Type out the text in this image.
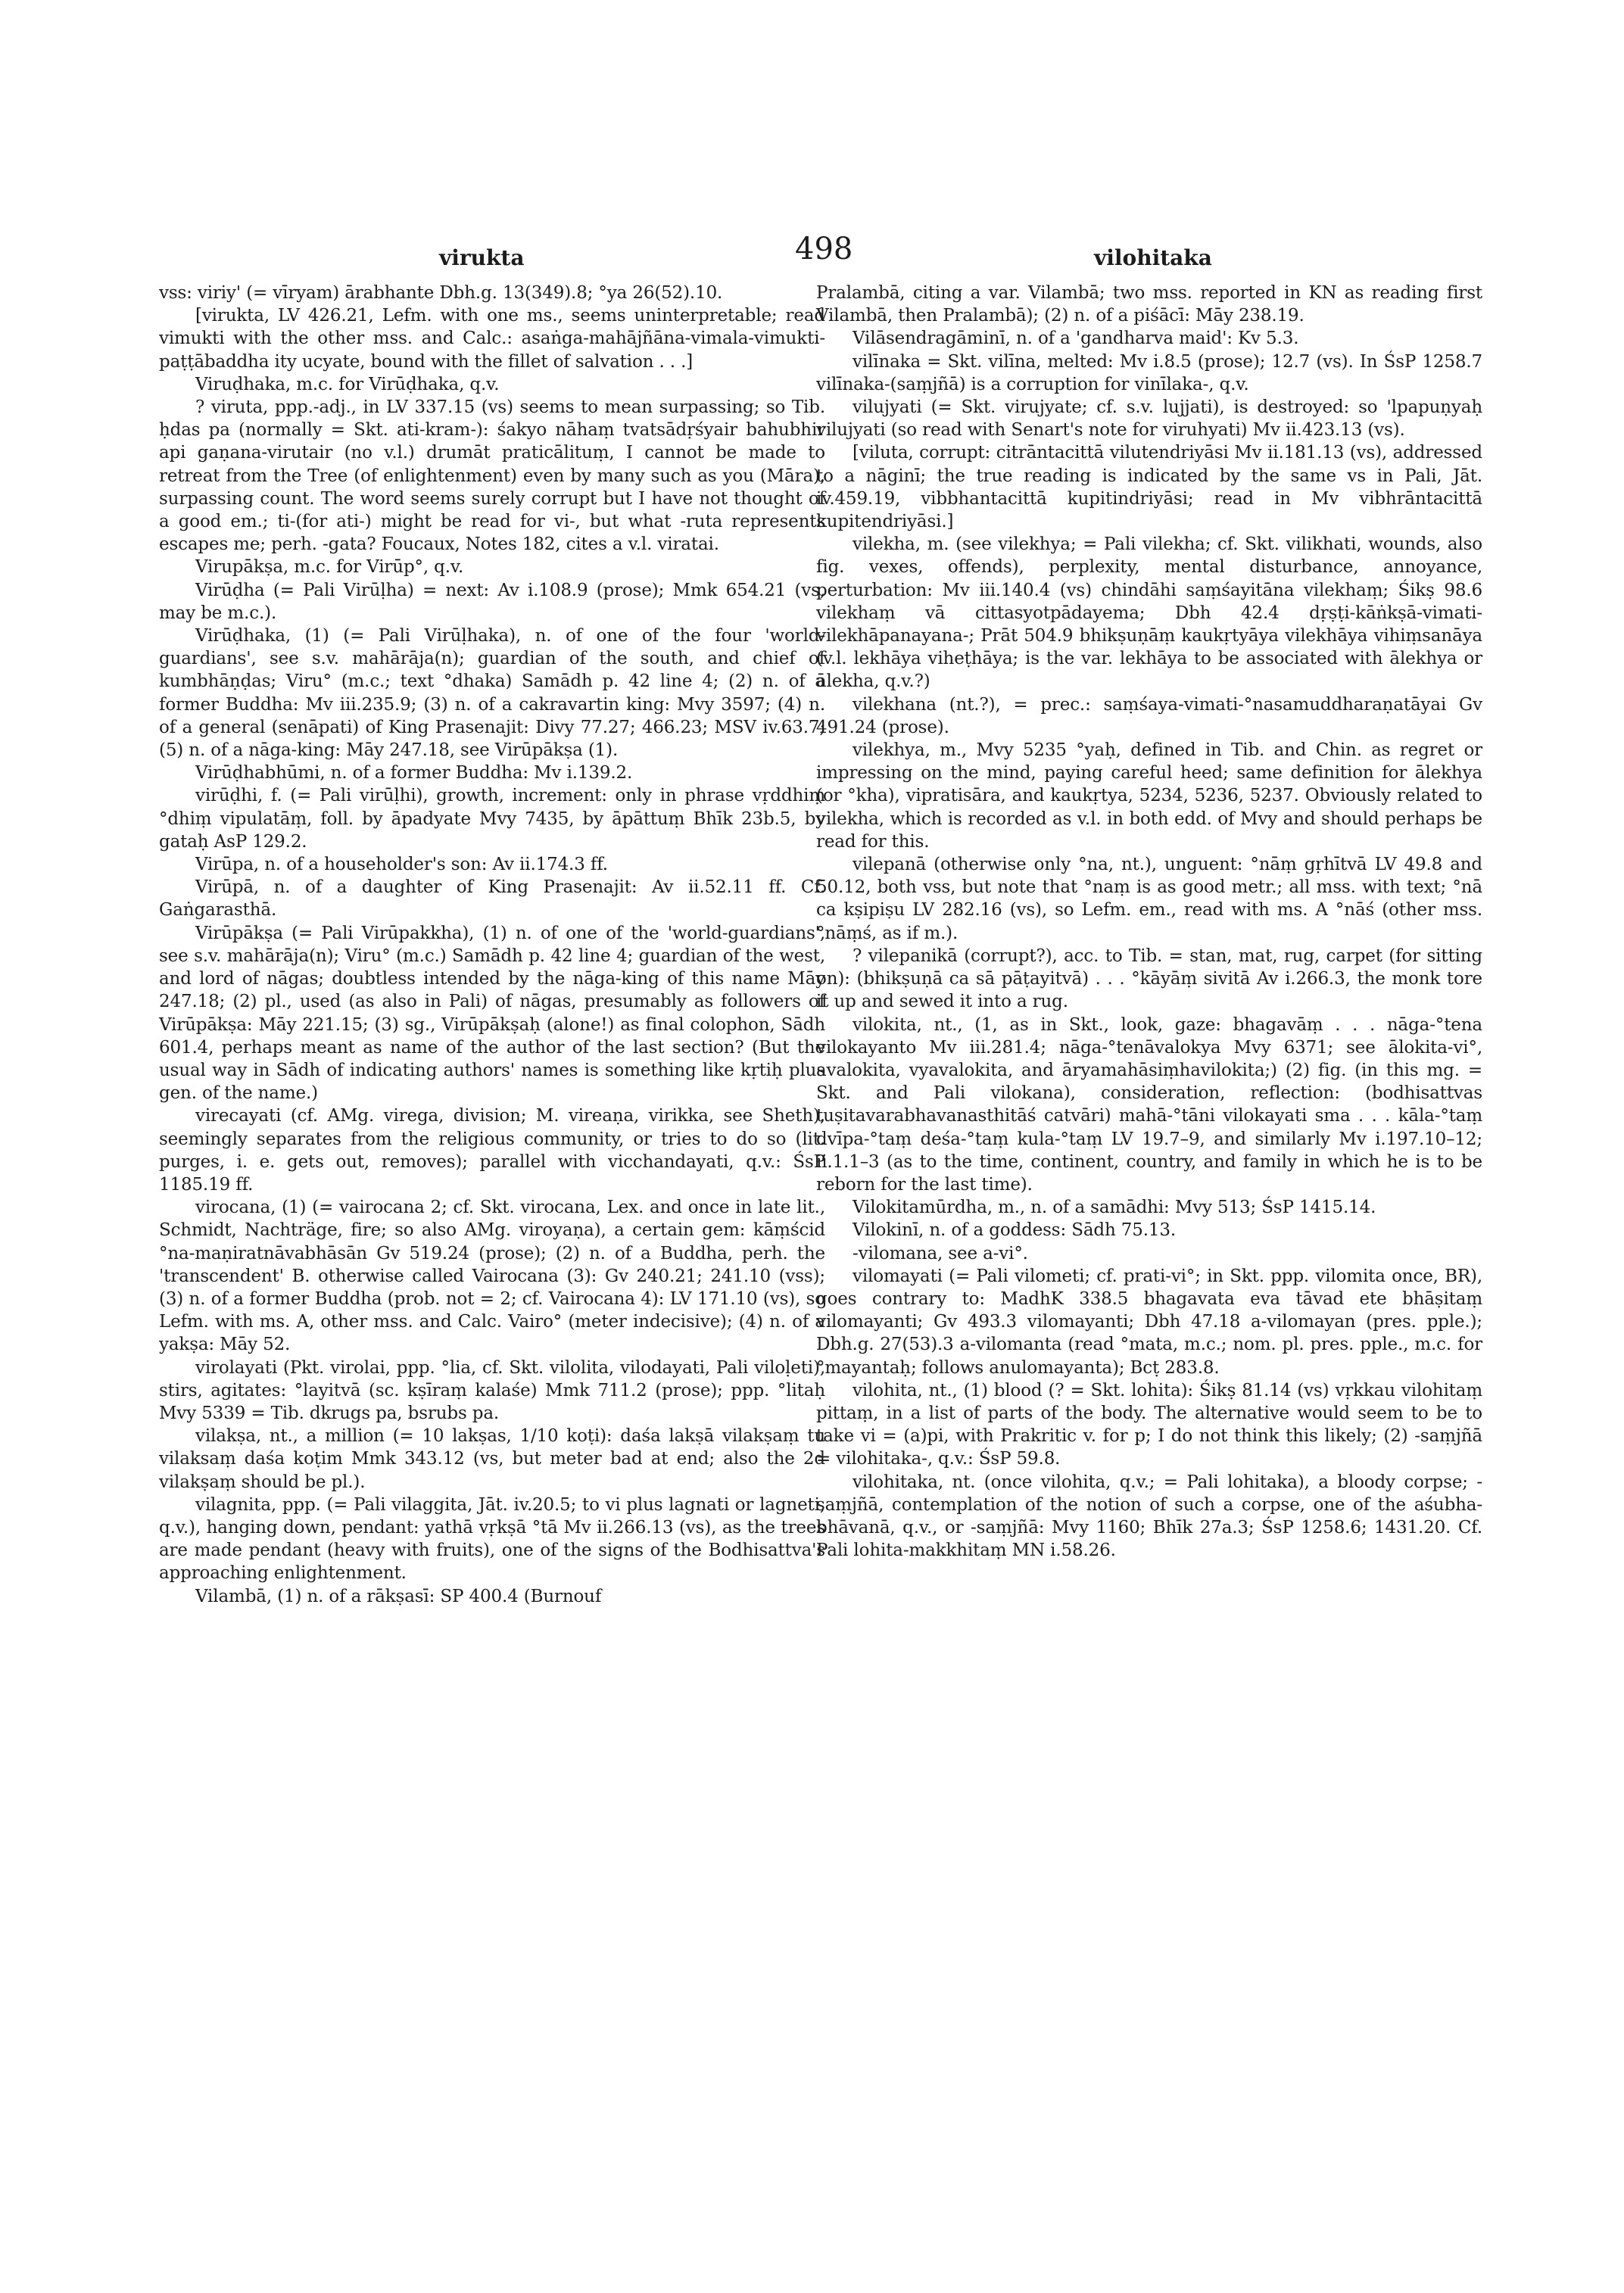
virukta	498	vilohitaka

vss: viriy' (= vīryam) ārabhante Dbh.g. 13(349).8; °ya 26(52).10.

[virukta, LV 426.21, Lefm. with one ms., seems uninterpretable; read vimukti with the other mss. and Calc.: asaṅga-mahājñāna-vimala-vimukti-paṭṭābaddha ity ucyate, bound with the fillet of salvation . . .]

Viruḍhaka, m.c. for Virūḍhaka, q.v.

? viruta, ppp.-adj., in LV 337.15 (vs) seems to mean surpassing; so Tib. ḥdas pa (normally = Skt. ati-kram-): śakyo nāhaṃ tvatsādṛśyair bahubhir api gaṇana-virutair (no v.l.) drumāt praticālituṃ, I cannot be made to retreat from the Tree (of enlightenment) even by many such as you (Māra), surpassing count. The word seems surely corrupt but I have not thought of a good em.; ti-(for ati-) might be read for vi-, but what -ruta represents escapes me; perh. -gata? Foucaux, Notes 182, cites a v.l. viratai.

Virupākṣa, m.c. for Virūp°, q.v.

Virūḍha (= Pali Virūḷha) = next: Av i.108.9 (prose); Mmk 654.21 (vs, may be m.c.).

Virūḍhaka, (1) (= Pali Virūḷhaka), n. of one of the four 'world-guardians', see s.v. mahārāja(n); guardian of the south, and chief of kumbhāṇḍas; Viru° (m.c.; text °dhaka) Samādh p. 42 line 4; (2) n. of a former Buddha: Mv iii.235.9; (3) n. of a cakravartin king: Mvy 3597; (4) n. of a general (senāpati) of King Prasenajit: Divy 77.27; 466.23; MSV iv.63.7; (5) n. of a nāga-king: Māy 247.18, see Virūpākṣa (1).

Virūḍhabhūmi, n. of a former Buddha: Mv i.139.2.

virūḍhi, f. (= Pali virūḷhi), growth, increment: only in phrase vṛddhiṃ °dhiṃ vipulatāṃ, foll. by āpadyate Mvy 7435, by āpāttuṃ Bhīk 23b.5, by gataḥ AsP 129.2.

Virūpa, n. of a householder's son: Av ii.174.3 ff.

Virūpā, n. of a daughter of King Prasenajit: Av ii.52.11 ff. Cf. Gaṅgarasthā.

Virūpākṣa (= Pali Virūpakkha), (1) n. of one of the 'world-guardians', see s.v. mahārāja(n); Viru° (m.c.) Samādh p. 42 line 4; guardian of the west, and lord of nāgas; doubtless intended by the nāga-king of this name Māy 247.18; (2) pl., used (as also in Pali) of nāgas, presumably as followers of Virūpākṣa: Māy 221.15; (3) sg., Virūpākṣaḥ (alone!) as final colophon, Sādh 601.4, perhaps meant as name of the author of the last section? (But the usual way in Sādh of indicating authors' names is something like kṛtiḥ plus gen. of the name.)

virecayati (cf. AMg. virega, division; M. vireaṇa, virikka, see Sheth), seemingly separates from the religious community, or tries to do so (lit. purges, i. e. gets out, removes); parallel with vicchandayati, q.v.: ŚsP 1185.19 ff.

virocana, (1) (= vairocana 2; cf. Skt. virocana, Lex. and once in late lit., Schmidt, Nachträge, fire; so also AMg. viroyaṇa), a certain gem: kāṃścid °na-maṇiratnāvabhāsān Gv 519.24 (prose); (2) n. of a Buddha, perh. the 'transcendent' B. otherwise called Vairocana (3): Gv 240.21; 241.10 (vss); (3) n. of a former Buddha (prob. not = 2; cf. Vairocana 4): LV 171.10 (vs), so Lefm. with ms. A, other mss. and Calc. Vairo° (meter indecisive); (4) n. of a yakṣa: Māy 52.

virolayati (Pkt. virolai, ppp. °lia, cf. Skt. vilolita, vilodayati, Pali viloḷeti), stirs, agitates: °layitvā (sc. kṣīraṃ kalaśe) Mmk 711.2 (prose); ppp. °litaḥ Mvy 5339 = Tib. dkrugs pa, bsrubs pa.

vilakṣa, nt., a million (= 10 lakṣas, 1/10 koṭi): daśa lakṣā vilakṣaṃ tu vilaksaṃ daśa koṭim Mmk 343.12 (vs, but meter bad at end; also the 2d vilakṣaṃ should be pl.).

vilagnita, ppp. (= Pali vilaggita, Jāt. iv.20.5; to vi plus lagnati or lagneti, q.v.), hanging down, pendant: yathā vṛkṣā °tā Mv ii.266.13 (vs), as the trees are made pendant (heavy with fruits), one of the signs of the Bodhisattva's approaching enlightenment.

Vilambā, (1) n. of a rākṣasī: SP 400.4 (Burnouf

Pralambā, citing a var. Vilambā; two mss. reported in KN as reading first Vilambā, then Pralambā); (2) n. of a piśācī: Māy 238.19.

Vilāsendragāminī, n. of a 'gandharva maid': Kv 5.3.

vilīnaka = Skt. vilīna, melted: Mv i.8.5 (prose); 12.7 (vs). In ŚsP 1258.7 vilīnaka-(saṃjñā) is a corruption for vinīlaka-, q.v.

vilujyati (= Skt. virujyate; cf. s.v. lujjati), is destroyed: so 'lpapuṇyaḥ vilujyati (so read with Senart's note for viruhyati) Mv ii.423.13 (vs).

[viluta, corrupt: citrāntacittā vilutendriyāsi Mv ii.181.13 (vs), addressed to a nāginī; the true reading is indicated by the same vs in Pali, Jāt. iv.459.19, vibbhantacittā kupitindriyāsi; read in Mv vibhrāntacittā kupitendriyāsi.]

vilekha, m. (see vilekhya; = Pali vilekha; cf. Skt. vilikhati, wounds, also fig. vexes, offends), perplexity, mental disturbance, annoyance, perturbation: Mv iii.140.4 (vs) chindāhi saṃśayitāna vilekhaṃ; Śikṣ 98.6 vilekhaṃ vā cittasyotpādayema; Dbh 42.4 dṛṣṭi-kāṅkṣā-vimati-vilekhāpanayana-; Prāt 504.9 bhikṣuṇāṃ kaukṛtyāya vilekhāya vihiṃsanāya (v.l. lekhāya viheṭhāya; is the var. lekhāya to be associated with ālekhya or ālekha, q.v.?)

vilekhana (nt.?), = prec.: saṃśaya-vimati-°nasamuddharaṇatāyai Gv 491.24 (prose).

vilekhya, m., Mvy 5235 °yaḥ, defined in Tib. and Chin. as regret or impressing on the mind, paying careful heed; same definition for ālekhya (or °kha), vipratisāra, and kaukṛtya, 5234, 5236, 5237. Obviously related to vilekha, which is recorded as v.l. in both edd. of Mvy and should perhaps be read for this.

vilepanā (otherwise only °na, nt.), unguent: °nāṃ gṛhītvā LV 49.8 and 50.12, both vss, but note that °naṃ is as good metr.; all mss. with text; °nā ca kṣipiṣu LV 282.16 (vs), so Lefm. em., read with ms. A °nāś (other mss. °nāṃś, as if m.).

? vilepanikā (corrupt?), acc. to Tib. = stan, mat, rug, carpet (for sitting on): (bhikṣuṇā ca sā pāṭayitvā) . . . °kāyāṃ sivitā Av i.266.3, the monk tore it up and sewed it into a rug.

vilokita, nt., (1, as in Skt., look, gaze: bhagavāṃ . . . nāga-°tena vilokayanto Mv iii.281.4; nāga-°tenāvalokya Mvy 6371; see ālokita-vi°, avalokita, vyavalokita, and āryamahāsiṃhavilokita;) (2) fig. (in this mg. = Skt. and Pali vilokana), consideration, reflection: (bodhisattvas tuṣitavarabhavanasthitāś catvāri) mahā-°tāni vilokayati sma . . . kāla-°taṃ dvīpa-°taṃ deśa-°taṃ kula-°taṃ LV 19.7–9, and similarly Mv i.197.10–12; ii.1.1–3 (as to the time, continent, country, and family in which he is to be reborn for the last time).

Vilokitamūrdha, m., n. of a samādhi: Mvy 513; ŚsP 1415.14.

Vilokinī, n. of a goddess: Sādh 75.13.

-vilomana, see a-vi°.

vilomayati (= Pali vilometi; cf. prati-vi°; in Skt. ppp. vilomita once, BR), goes contrary to: MadhK 338.5 bhagavata eva tāvad ete bhāṣitaṃ vilomayanti; Gv 493.3 vilomayanti; Dbh 47.18 a-vilomayan (pres. pple.); Dbh.g. 27(53).3 a-vilomanta (read °mata, m.c.; nom. pl. pres. pple., m.c. for °mayantaḥ; follows anulomayanta); Bcṭ 283.8.

vilohita, nt., (1) blood (? = Skt. lohita): Śikṣ 81.14 (vs) vṛkkau vilohitaṃ pittaṃ, in a list of parts of the body. The alternative would seem to be to take vi = (a)pi, with Prakritic v. for p; I do not think this likely; (2) -saṃjñā = vilohitaka-, q.v.: ŚsP 59.8.

vilohitaka, nt. (once vilohita, q.v.; = Pali lohitaka), a bloody corpse; -saṃjñā, contemplation of the notion of such a corpse, one of the aśubha-bhāvanā, q.v., or -saṃjñā: Mvy 1160; Bhīk 27a.3; ŚsP 1258.6; 1431.20. Cf. Pali lohita-makkhitaṃ MN i.58.26.
